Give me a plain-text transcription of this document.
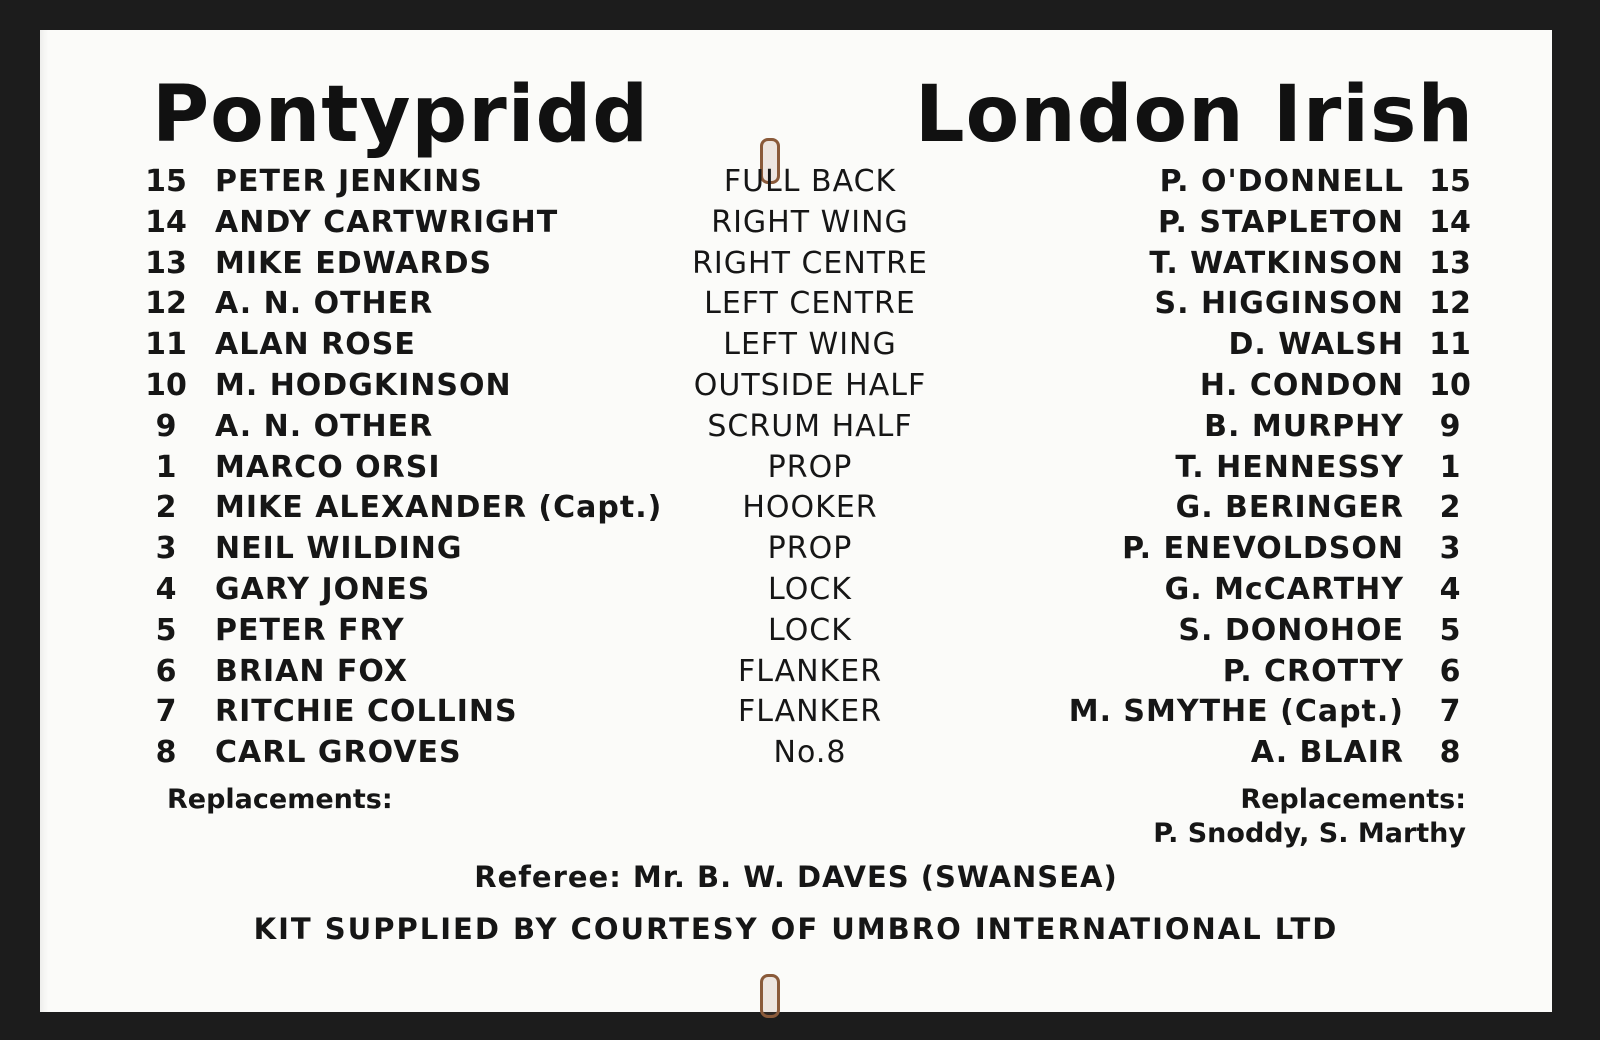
Pontypridd	London Irish
15 PETER JENKINS	FULL BACK	P. O'DONNELL 15
14 ANDY CARTWRIGHT	RIGHT WING	P. STAPLETON 14
13 MIKE EDWARDS	RIGHT CENTRE	T. WATKINSON 13
12 A. N. OTHER	LEFT CENTRE	S. HIGGINSON 12
11 ALAN ROSE	LEFT WING	D. WALSH 11
10 M. HODGKINSON	OUTSIDE HALF	H. CONDON 10
9	A. N. OTHER	SCRUM HALF	B. MURPHY	9
1	MARCO ORSI	PROP	T. HENNESSY	1
2	MIKE ALEXANDER (Capt.)	HOOKER	G. BERINGER	2
3	NEIL WILDING	PROP	P. ENEVOLDSON	3
4	GARY JONES	LOCK	G. McCARTHY	4
5	PETER FRY	LOCK	S. DONOHOE	5
6	BRIAN FOX	FLANKER	P. CROTTY	6
7	RITCHIE COLLINS	FLANKER	M. SMYTHE (Capt.)	7
8	CARL GROVES	No.8	A. BLAIR	8
Replacements:	Replacements:
P. Snoddy, S. Marthy
Referee: Mr. B. W. DAVES (SWANSEA)
KIT SUPPLIED BY COURTESY OF UMBRO INTERNATIONAL LTD
